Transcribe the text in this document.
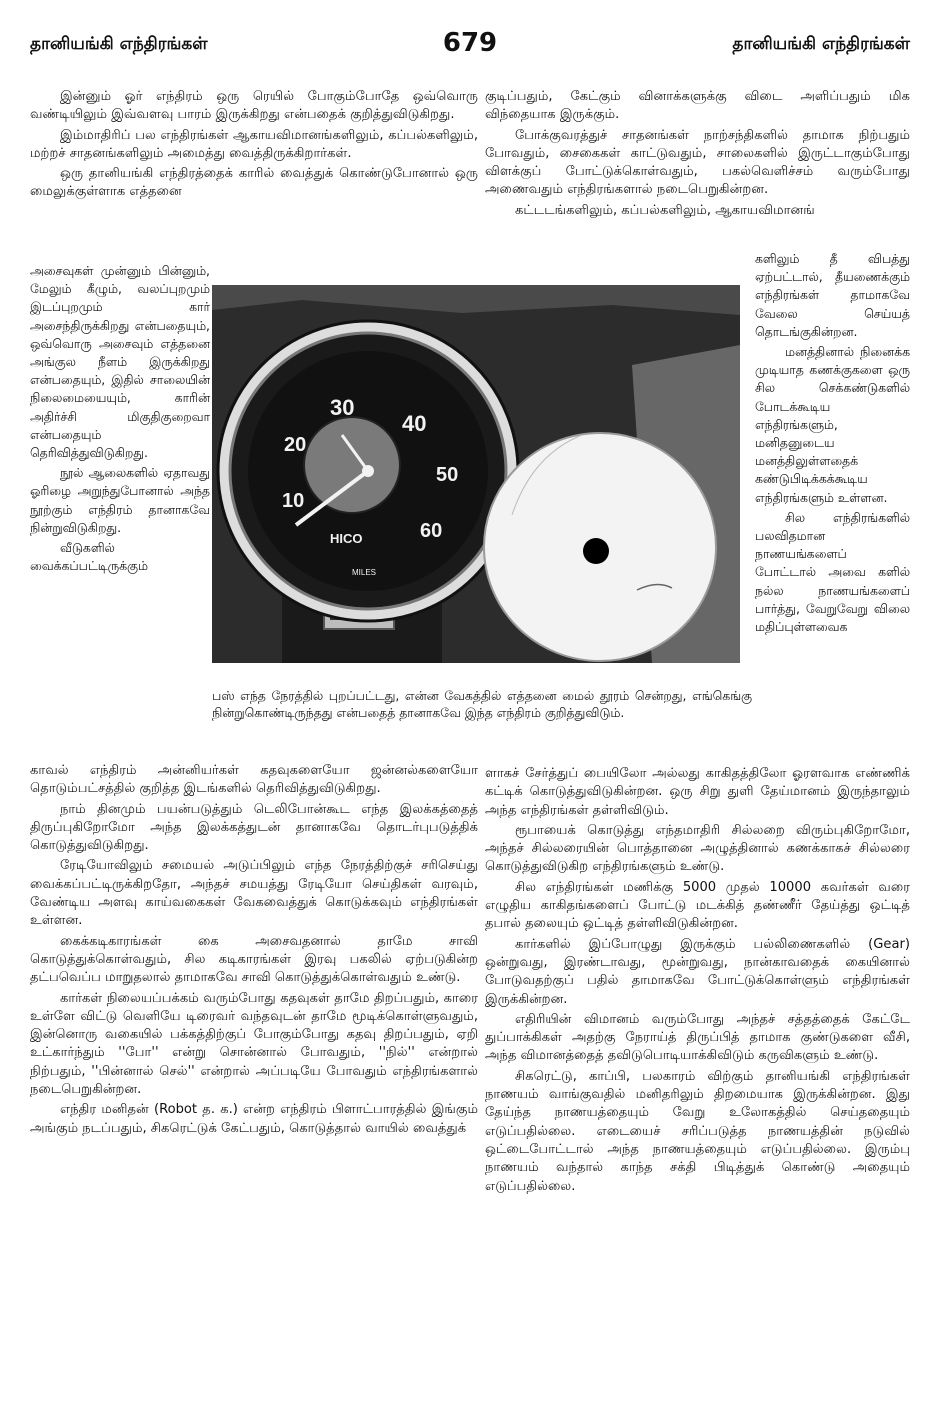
தானியங்கி எந்திரங்கள்	679	தானியங்கி எந்திரங்கள்

இன்னும் ஓர் எந்திரம் ஒரு ரெயில் போகும்போதே ஒவ்வொரு வண்டியிலும் இவ்வளவு பாரம் இருக்கிறது என்பதைக் குறித்துவிடுகிறது.

இம்மாதிரிப் பல எந்திரங்கள் ஆகாயவிமானங்களிலும், கப்பல்களிலும், மற்றச் சாதனங்களிலும் அமைத்து வைத்திருக்கிறார்கள்.

ஒரு தானியங்கி எந்திரத்தைக் காரில் வைத்துக் கொண்டுபோனால் ஒரு மைலுக்குள்ளாக எத்தனை

அசைவுகள் முன்னும் பின்னும், மேலும் கீழும், வலப்புறமும் இடப்புறமும் கார் அசைந்திருக்கிறது என்பதையும், ஒவ்வொரு அசைவும் எத்தனை அங்குல நீளம் இருக்கிறது என்பதையும், இதில் சாலையின் நிலைமையையும், காரின் அதிர்ச்சி மிகுதிகுறைவா என்பதையும் தெரிவித்துவிடுகிறது.

நூல் ஆலைகளில் ஏதாவது ஓரிழை அறுந்துபோனால் அந்த நூற்கும் எந்திரம் தானாகவே நின்றுவிடுகிறது.

வீடுகளில் வைக்கப்பட்டிருக்கும்

காவல் எந்திரம் அன்னியர்கள் கதவுகளையோ ஜன்னல்களையோ தொடும்பட்சத்தில் குறித்த இடங்களில் தெரிவித்துவிடுகிறது.

நாம் தினமும் பயன்படுத்தும் டெலிபோன்கூட எந்த இலக்கத்தைத் திருப்புகிறோமோ அந்த இலக்கத்துடன் தானாகவே தொடர்புபடுத்திக் கொடுத்துவிடுகிறது.

ரேடியோவிலும் சமையல் அடுப்பிலும் எந்த நேரத்திற்குச் சரிசெய்து வைக்கப்பட்டிருக்கிறதோ, அந்தச் சமயத்து ரேடியோ செய்திகள் வரவும், வேண்டிய அளவு காய்வகைகள் வேகவைத்துக் கொடுக்கவும் எந்திரங்கள் உள்ளன.

கைக்கடிகாரங்கள் கை அசைவதனால் தாமே சாவி கொடுத்துக்கொள்வதும், சில கடிகாரங்கள் இரவு பகலில் ஏற்படுகின்ற தட்பவெப்ப மாறுதலால் தாமாகவே சாவி கொடுத்துக்கொள்வதும் உண்டு.

கார்கள் நிலையப்பக்கம் வரும்போது கதவுகள் தாமே திறப்பதும், காரை உள்ளே விட்டு வெளியே டிரைவர் வந்தவுடன் தாமே மூடிக்கொள்ளுவதும், இன்னொரு வகையில் பக்கத்திற்குப் போகும்போது கதவு திறப்பதும், ஏறி உட்கார்ந்தும் ''போ'' என்று சொன்னால் போவதும், ''நில்'' என்றால் நிற்பதும், ''பின்னால் செல்'' என்றால் அப்படியே போவதும் எந்திரங்களால் நடைபெறுகின்றன.

எந்திர மனிதன் (Robot த. க.) என்ற எந்திரம் பிளாட்பாரத்தில் இங்கும் அங்கும் நடப்பதும், சிகரெட்டுக் கேட்பதும், கொடுத்தால் வாயில் வைத்துக்

குடிப்பதும், கேட்கும் வினாக்களுக்கு விடை அளிப்பதும் மிக விந்தையாக இருக்கும்.

போக்குவரத்துச் சாதனங்கள் நாற்சந்திகளில் தாமாக நிற்பதும் போவதும், சைகைகள் காட்டுவதும், சாலைகளில் இருட்டாகும்போது விளக்குப் போட்டுக்கொள்வதும், பகல்வெளிச்சம் வரும்போது அணைவதும் எந்திரங்களால் நடைபெறுகின்றன.

கட்டடங்களிலும், கப்பல்களிலும், ஆகாயவிமானங்

களிலும் தீ விபத்து ஏற்பட்டால், தீயணைக்கும் எந்திரங்கள் தாமாகவே வேலை செய்யத் தொடங்குகின்றன.

மனத்தினால் நினைக்க முடியாத கணக்குகளை ஒரு சில செக்கண்டுகளில் போடக்கூடிய எந்திரங்களும், மனிதனுடைய மனத்திலுள்ளதைக் கண்டுபிடிக்கக்கூடிய எந்திரங்களும் உள்ளன.

சில எந்திரங்களில் பலவிதமான நாணயங்களைப் போட்டால் அவை களில் நல்ல நாணயங்களைப் பார்த்து, வேறுவேறு விலை மதிப்புள்ளவைக

ளாகச் சேர்த்துப் பையிலோ அல்லது காகிதத்திலோ ஓரளவாக எண்ணிக் கட்டிக் கொடுத்துவிடுகின்றன. ஒரு சிறு துளி தேய்மானம் இருந்தாலும் அந்த எந்திரங்கள் தள்ளிவிடும்.

ரூபாயைக் கொடுத்து எந்தமாதிரி சில்லறை விரும்புகிறோமோ, அந்தச் சில்லரையின் பொத்தானை அழுத்தினால் கணக்காகச் சில்லரை கொடுத்துவிடுகிற எந்திரங்களும் உண்டு.

சில எந்திரங்கள் மணிக்கு 5000 முதல் 10000 கவர்கள் வரை எழுதிய காகிதங்களைப் போட்டு மடக்கித் தண்ணீர் தேய்த்து ஒட்டித் தபால் தலையும் ஒட்டித் தள்ளிவிடுகின்றன.

கார்களில் இப்போழுது இருக்கும் பல்லிணைகளில் (Gear) ஒன்றுவது, இரண்டாவது, மூன்றுவது, நான்காவதைக் கையினால் போடுவதற்குப் பதில் தாமாகவே போட்டுக்கொள்ளும் எந்திரங்கள் இருக்கின்றன.

எதிரியின் விமானம் வரும்போது அந்தச் சத்தத்தைக் கேட்டே துப்பாக்கிகள் அதற்கு நேராய்த் திருப்பித் தாமாக குண்டுகளை வீசி, அந்த விமானத்தைத் தவிடுபொடியாக்கிவிடும் கருவிகளும் உண்டு.

சிகரெட்டு, காப்பி, பலகாரம் விற்கும் தானியங்கி எந்திரங்கள் நாணயம் வாங்குவதில் மனிதரிலும் திறமையாக இருக்கின்றன. இது தேய்ந்த நாணயத்தையும் வேறு உலோகத்தில் செய்ததையும் எடுப்பதில்லை. எடையைச் சரிப்படுத்த நாணயத்தின் நடுவில் ஒட்டைபோட்டால் அந்த நாணயத்தையும் எடுப்பதில்லை. இரும்பு நாணயம் வந்தால் காந்த சக்தி பிடித்துக் கொண்டு அதையும் எடுப்பதில்லை.

10
20
30
40
50
60
HICO
MILES
பஸ் எந்த நேரத்தில் புறப்பட்டது, என்ன வேகத்தில் எத்தனை மைல் தூரம் சென்றது, எங்கெங்கு நின்றுகொண்டிருந்தது என்பதைத் தானாகவே இந்த எந்திரம் குறித்துவிடும்.
